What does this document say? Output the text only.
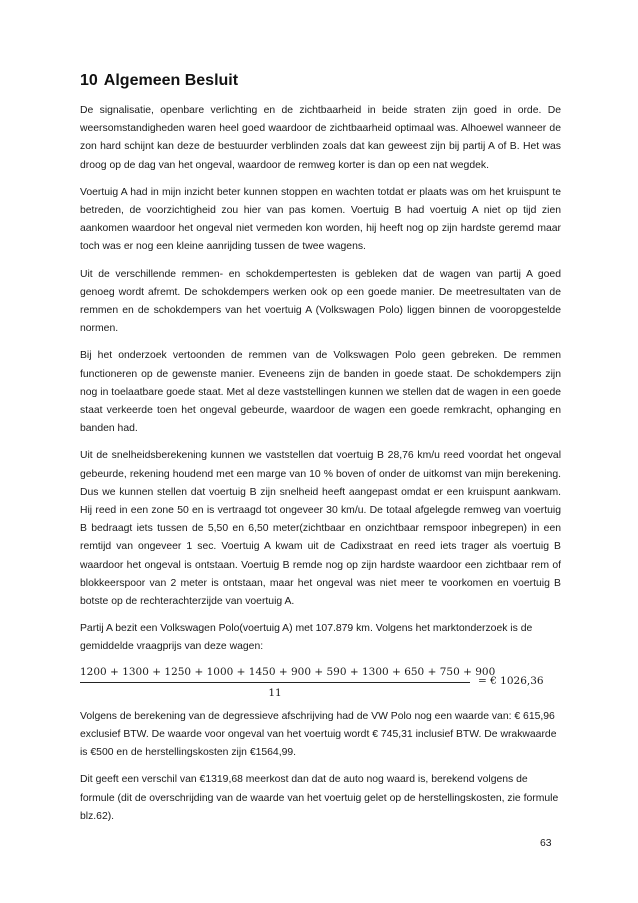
10 Algemeen Besluit

De signalisatie, openbare verlichting en de zichtbaarheid in beide straten zijn goed in orde. De weersomstandigheden waren heel goed waardoor de zichtbaarheid optimaal was. Alhoewel wanneer de zon hard schijnt kan deze de bestuurder verblinden zoals dat kan geweest zijn bij partij A of B. Het was droog op de dag van het ongeval, waardoor de remweg korter is dan op een nat wegdek.

Voertuig A had in mijn inzicht beter kunnen stoppen en wachten totdat er plaats was om het kruispunt te betreden, de voorzichtigheid zou hier van pas komen. Voertuig B had voertuig A niet op tijd zien aankomen waardoor het ongeval niet vermeden kon worden, hij heeft nog op zijn hardste geremd maar toch was er nog een kleine aanrijding tussen de twee wagens.

Uit de verschillende remmen- en schokdempertesten is gebleken dat de wagen van partij A goed genoeg wordt afremt. De schokdempers werken ook op een goede manier. De meetresultaten van de remmen en de schokdempers van het voertuig A (Volkswagen Polo) liggen binnen de vooropgestelde normen.

Bij het onderzoek vertoonden de remmen van de Volkswagen Polo geen gebreken. De remmen functioneren op de gewenste manier. Eveneens zijn de banden in goede staat. De schokdempers zijn nog in toelaatbare goede staat. Met al deze vaststellingen kunnen we stellen dat de wagen in een goede staat verkeerde toen het ongeval gebeurde, waardoor de wagen een goede remkracht, ophanging en banden had.

Uit de snelheidsberekening kunnen we vaststellen dat voertuig B 28,76 km/u reed voordat het ongeval gebeurde, rekening houdend met een marge van 10 % boven of onder de uitkomst van mijn berekening. Dus we kunnen stellen dat voertuig B zijn snelheid heeft aangepast omdat er een kruispunt aankwam. Hij reed in een zone 50 en is vertraagd tot ongeveer 30 km/u. De totaal afgelegde remweg van voertuig B bedraagt iets tussen de 5,50 en 6,50 meter(zichtbaar en onzichtbaar remspoor inbegrepen) in een remtijd van ongeveer 1 sec. Voertuig A kwam uit de Cadixstraat en reed iets trager als voertuig B waardoor het ongeval is ontstaan. Voertuig B remde nog op zijn hardste waardoor een zichtbaar rem of blokkeerspoor van 2 meter is ontstaan, maar het ongeval was niet meer te voorkomen en voertuig B botste op de rechterachterzijde van voertuig A.

Partij A bezit een Volkswagen Polo(voertuig A) met 107.879 km. Volgens het marktonderzoek is de gemiddelde vraagprijs van deze wagen:

1200 + 1300 + 1250 + 1000 + 1450 + 900 + 590 + 1300 + 650 + 750 + 900
11
= € 1026,36

Volgens de berekening van de degressieve afschrijving had de VW Polo nog een waarde van: € 615,96 exclusief BTW. De waarde voor ongeval van het voertuig wordt € 745,31 inclusief BTW. De wrakwaarde is €500 en de herstellingskosten zijn €1564,99.

Dit geeft een verschil van €1319,68 meerkost dan dat de auto nog waard is, berekend volgens de formule (dit de overschrijding van de waarde van het voertuig gelet op de herstellingskosten, zie formule blz.62).

63
